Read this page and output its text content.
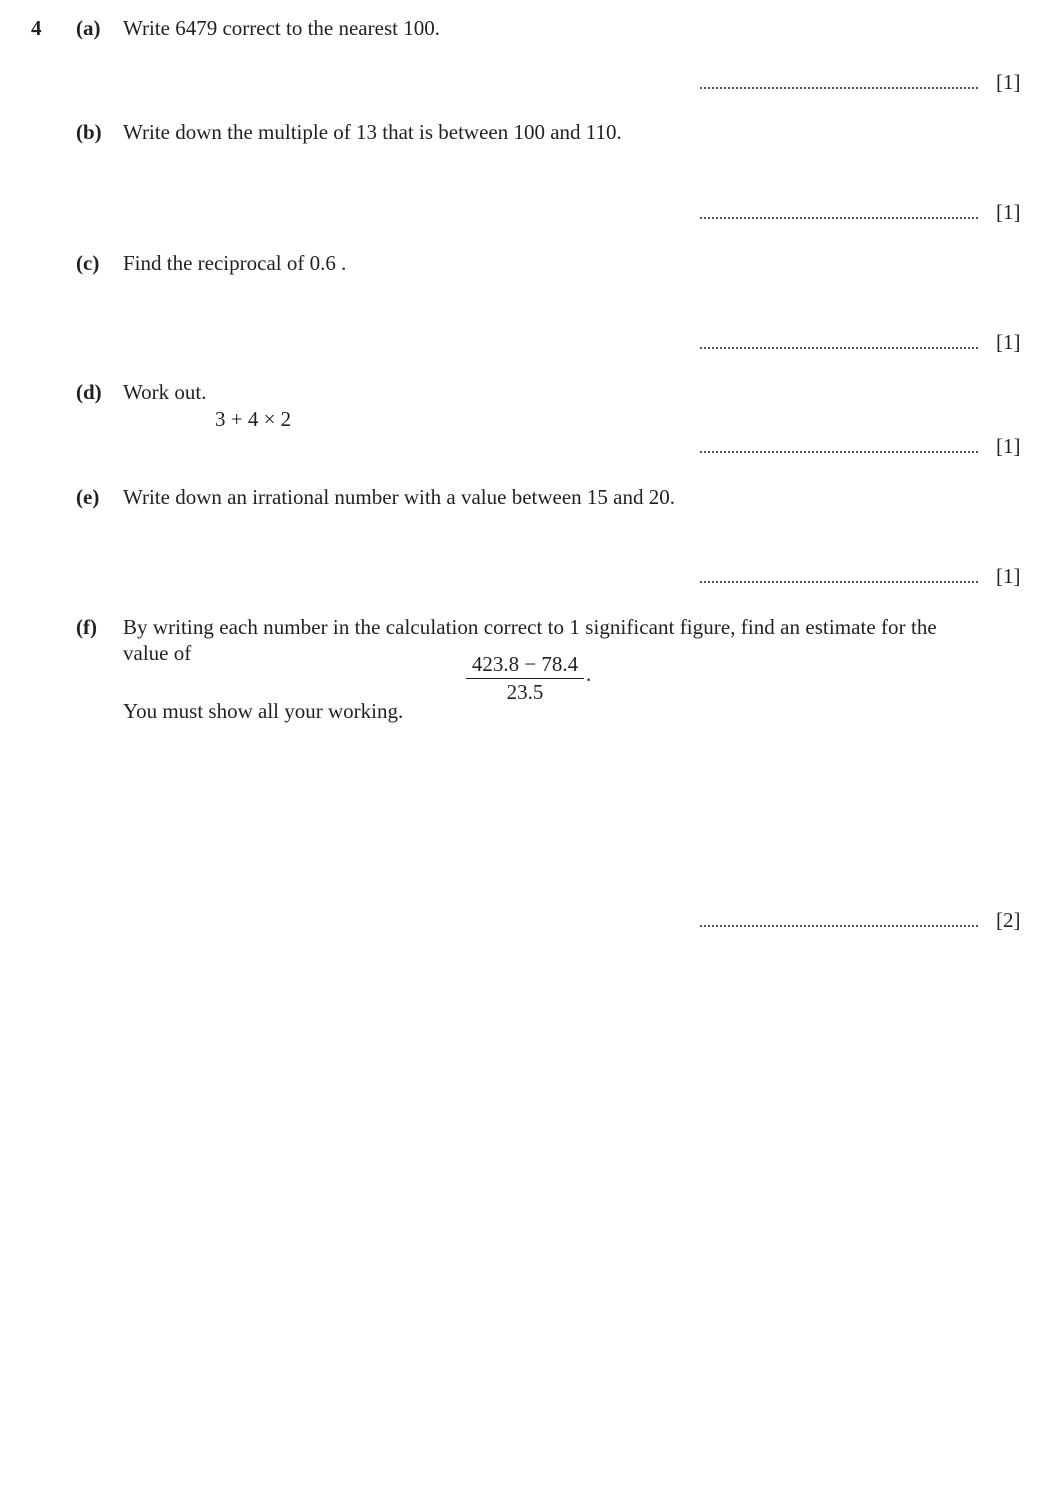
4 (a) Write 6479 correct to the nearest 100.
[1]
(b) Write down the multiple of 13 that is between 100 and 110.
[1]
(c) Find the reciprocal of 0.6 .
[1]
(d) Work out.
3 + 4 × 2
[1]
(e) Write down an irrational number with a value between 15 and 20.
[1]
(f) By writing each number in the calculation correct to 1 significant figure, find an estimate for the
value of	423.8 − 78.4
23.5
.
You must show all your working.
[2]
